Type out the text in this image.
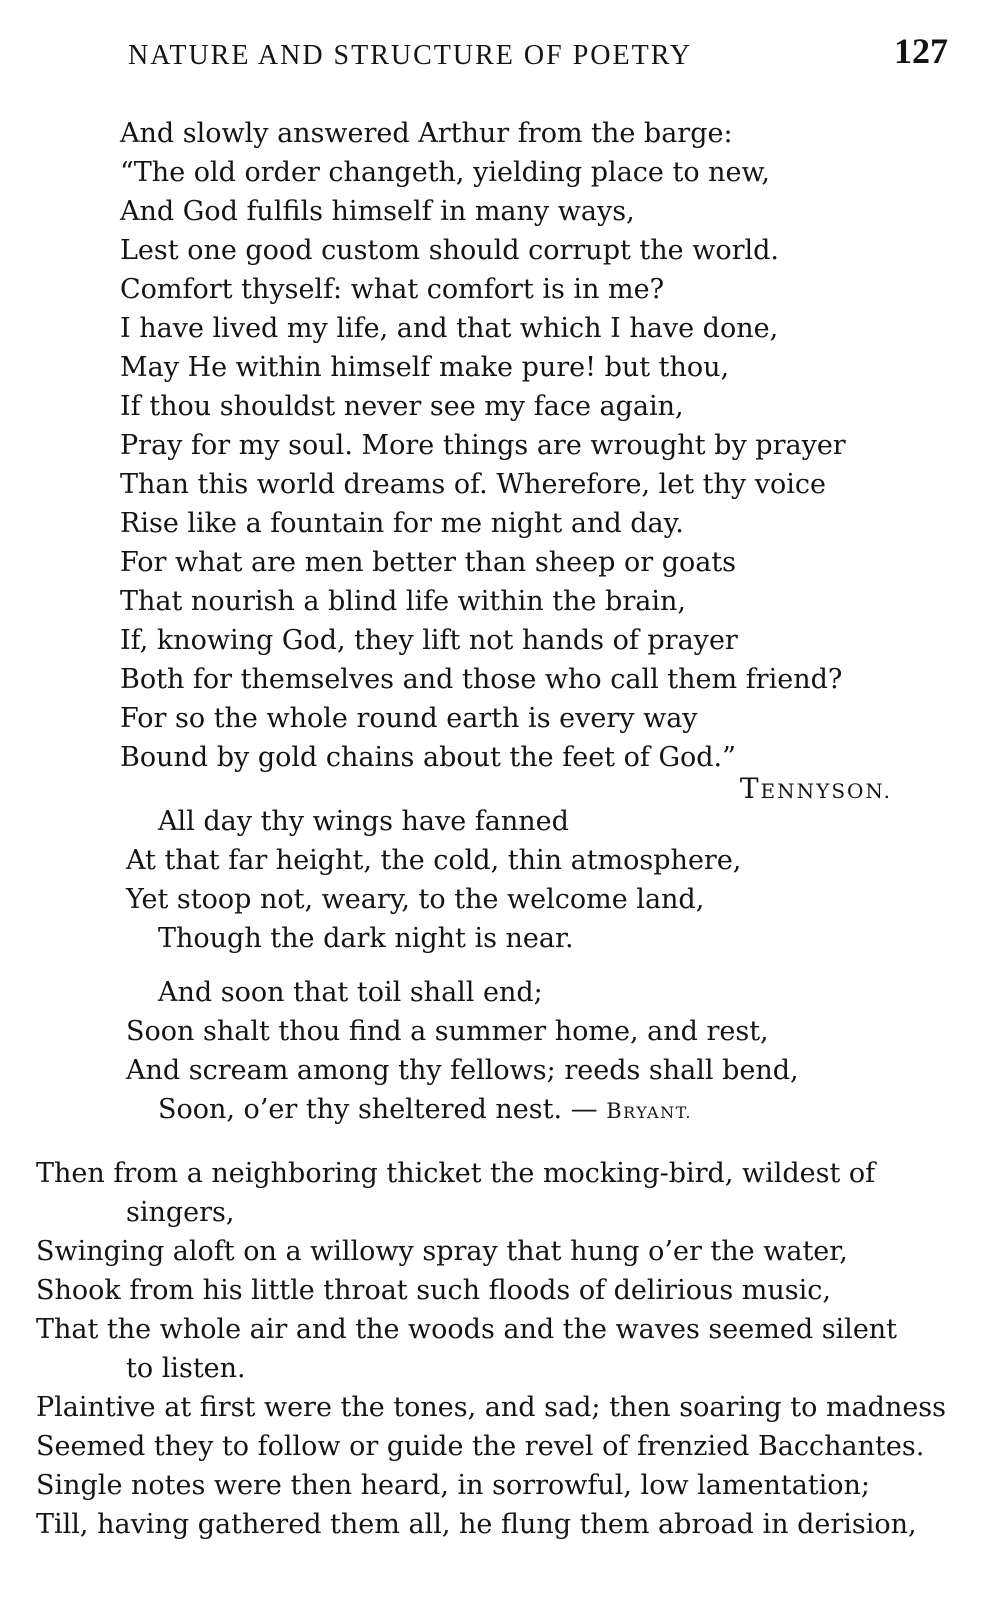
NATURE AND STRUCTURE OF POETRY	127
And slowly answered Arthur from the barge:
“The old order changeth, yielding place to new,
And God fulfils himself in many ways,
Lest one good custom should corrupt the world.
Comfort thyself: what comfort is in me?
I have lived my life, and that which I have done,
May He within himself make pure! but thou,
If thou shouldst never see my face again,
Pray for my soul. More things are wrought by prayer
Than this world dreams of. Wherefore, let thy voice
Rise like a fountain for me night and day.
For what are men better than sheep or goats
That nourish a blind life within the brain,
If, knowing God, they lift not hands of prayer
Both for themselves and those who call them friend?
For so the whole round earth is every way
Bound by gold chains about the feet of God.”
TENNYSON.
All day thy wings have fanned
At that far height, the cold, thin atmosphere,
Yet stoop not, weary, to the welcome land,
Though the dark night is near.
And soon that toil shall end;
Soon shalt thou find a summer home, and rest,
And scream among thy fellows; reeds shall bend,
Soon, o’er thy sheltered nest. — BRYANT.
Then from a neighboring thicket the mocking-bird, wildest of
singers,
Swinging aloft on a willowy spray that hung o’er the water,
Shook from his little throat such floods of delirious music,
That the whole air and the woods and the waves seemed silent
to listen.
Plaintive at first were the tones, and sad; then soaring to madness
Seemed they to follow or guide the revel of frenzied Bacchantes.
Single notes were then heard, in sorrowful, low lamentation;
Till, having gathered them all, he flung them abroad in derision,
